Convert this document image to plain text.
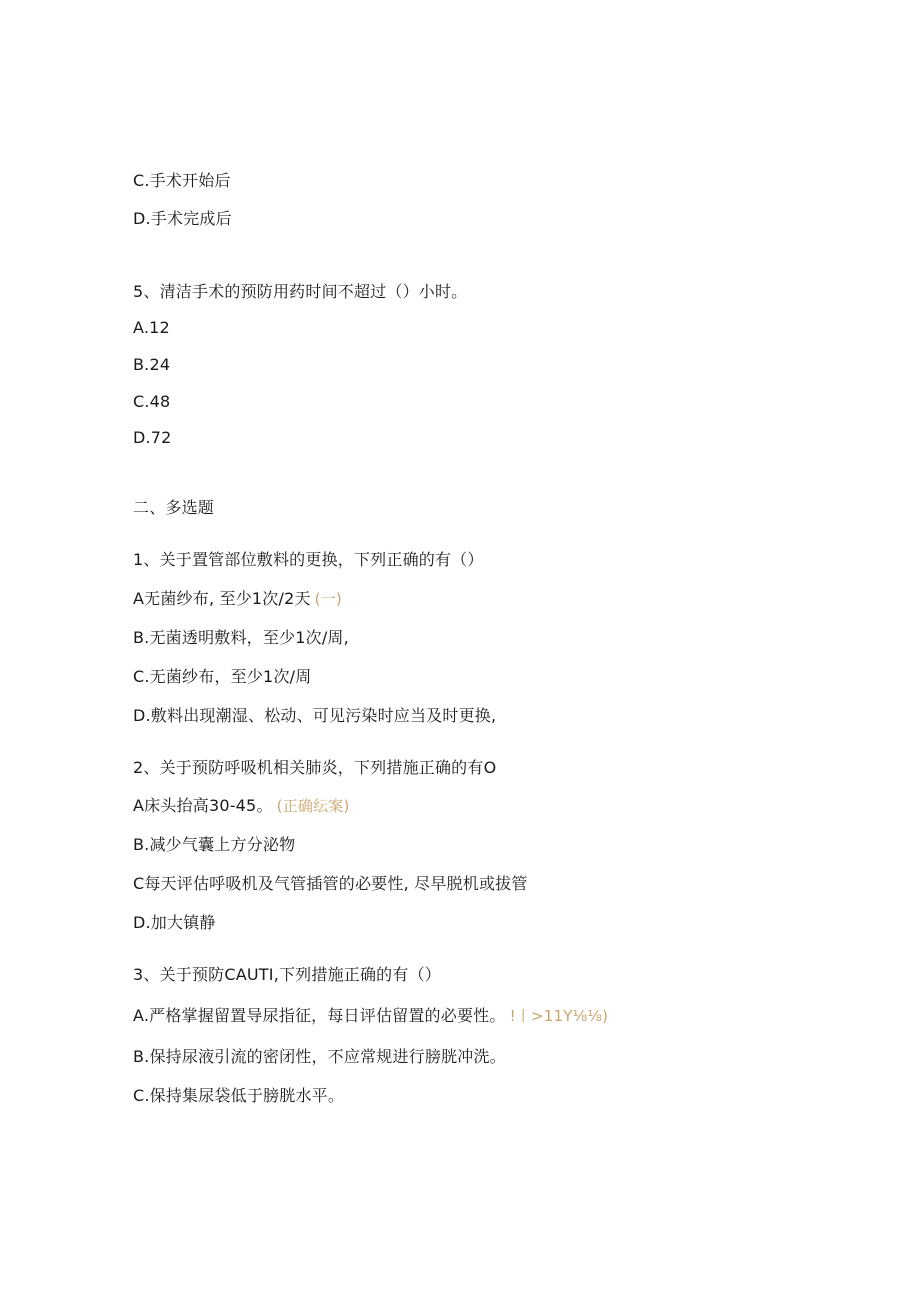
C.手术开始后
D.手术完成后
5、清洁手术的预防用药时间不超过（）小时。
A.12
B.24
C.48
D.72
二、多选题
1、关于置管部位敷料的更换，下列正确的有（）
A无菌纱布, 至少1次/2天 (一)
B.无菌透明敷料，至少1次/周,
C.无菌纱布，至少1次/周
D.敷料出现潮湿、松动、可见污染时应当及时更换,
2、关于预防呼吸机相关肺炎，下列措施正确的有O
A床头抬高30-45。 (正确纭案)
B.减少气囊上方分泌物
C每天评估呼吸机及气管插管的必要性, 尽早脱机或拔管
D.加大镇静
3、关于预防CAUTI,下列措施正确的有（）
A.严格掌握留置导尿指征，每日评估留置的必要性。 !丨>11Y⅛⅛)
B.保持尿液引流的密闭性，不应常规进行膀胱冲洗。
C.保持集尿袋低于膀胱水平。
